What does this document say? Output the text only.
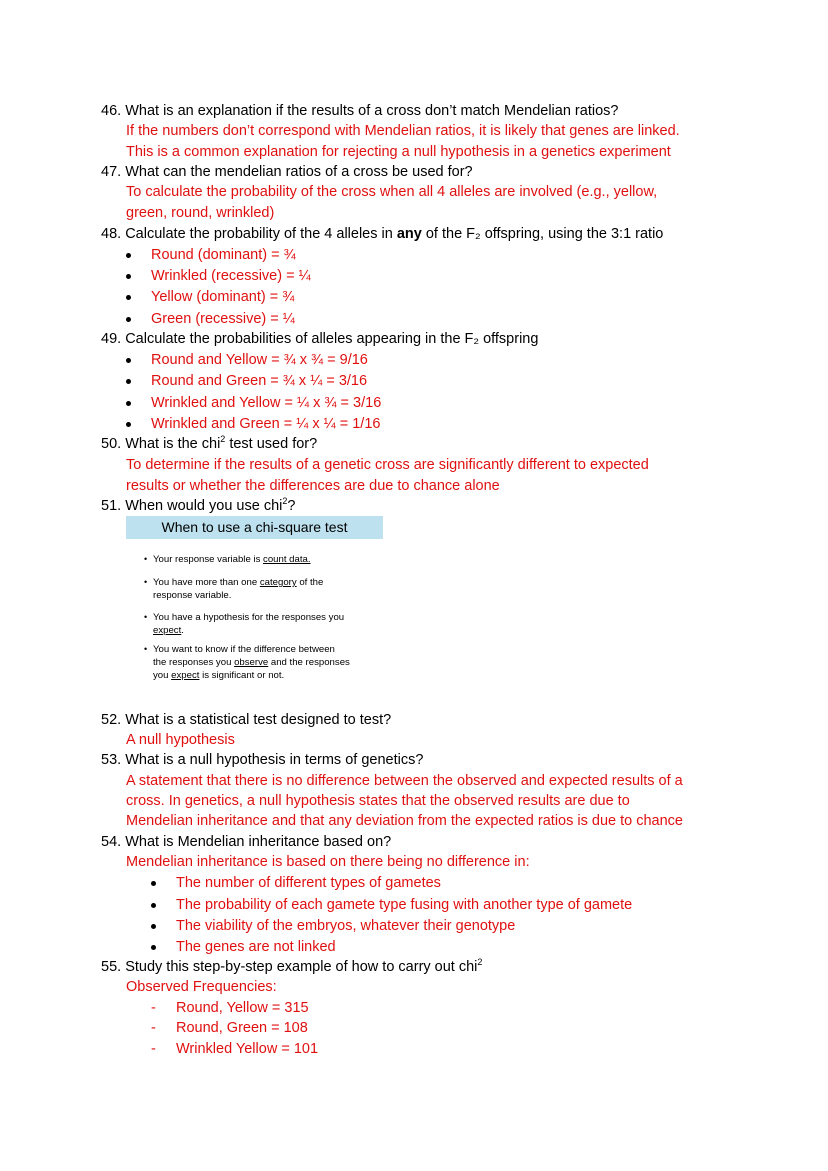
46. What is an explanation if the results of a cross don’t match Mendelian ratios?
If the numbers don’t correspond with Mendelian ratios, it is likely that genes are linked.
This is a common explanation for rejecting a null hypothesis in a genetics experiment
47. What can the mendelian ratios of a cross be used for?
To calculate the probability of the cross when all 4 alleles are involved (e.g., yellow,
green, round, wrinkled)
48. Calculate the probability of the 4 alleles in any of the F₂ offspring, using the 3:1 ratio
Round (dominant) = ¾
Wrinkled (recessive) = ¼
Yellow (dominant) = ¾
Green (recessive) = ¼
49. Calculate the probabilities of alleles appearing in the F₂ offspring
Round and Yellow = ¾ x ¾ = 9/16
Round and Green = ¾ x ¼ = 3/16
Wrinkled and Yellow = ¼ x ¾ = 3/16
Wrinkled and Green = ¼ x ¼ = 1/16
50. What is the chi$^2$ test used for?
To determine if the results of a genetic cross are significantly different to expected
results or whether the differences are due to chance alone
51. When would you use chi$^2$?
When to use a chi-square test
• Your response variable is count data.
• You have more than one category of the
response variable.
• You have a hypothesis for the responses you
expect.
• You want to know if the difference between
the responses you observe and the responses
you expect is significant or not.
52. What is a statistical test designed to test?
A null hypothesis
53. What is a null hypothesis in terms of genetics?
A statement that there is no difference between the observed and expected results of a
cross. In genetics, a null hypothesis states that the observed results are due to
Mendelian inheritance and that any deviation from the expected ratios is due to chance
54. What is Mendelian inheritance based on?
Mendelian inheritance is based on there being no difference in:
The number of different types of gametes
The probability of each gamete type fusing with another type of gamete
The viability of the embryos, whatever their genotype
The genes are not linked
55. Study this step-by-step example of how to carry out chi$^2$
Observed Frequencies:
- Round, Yellow = 315
- Round, Green = 108
- Wrinkled Yellow = 101
